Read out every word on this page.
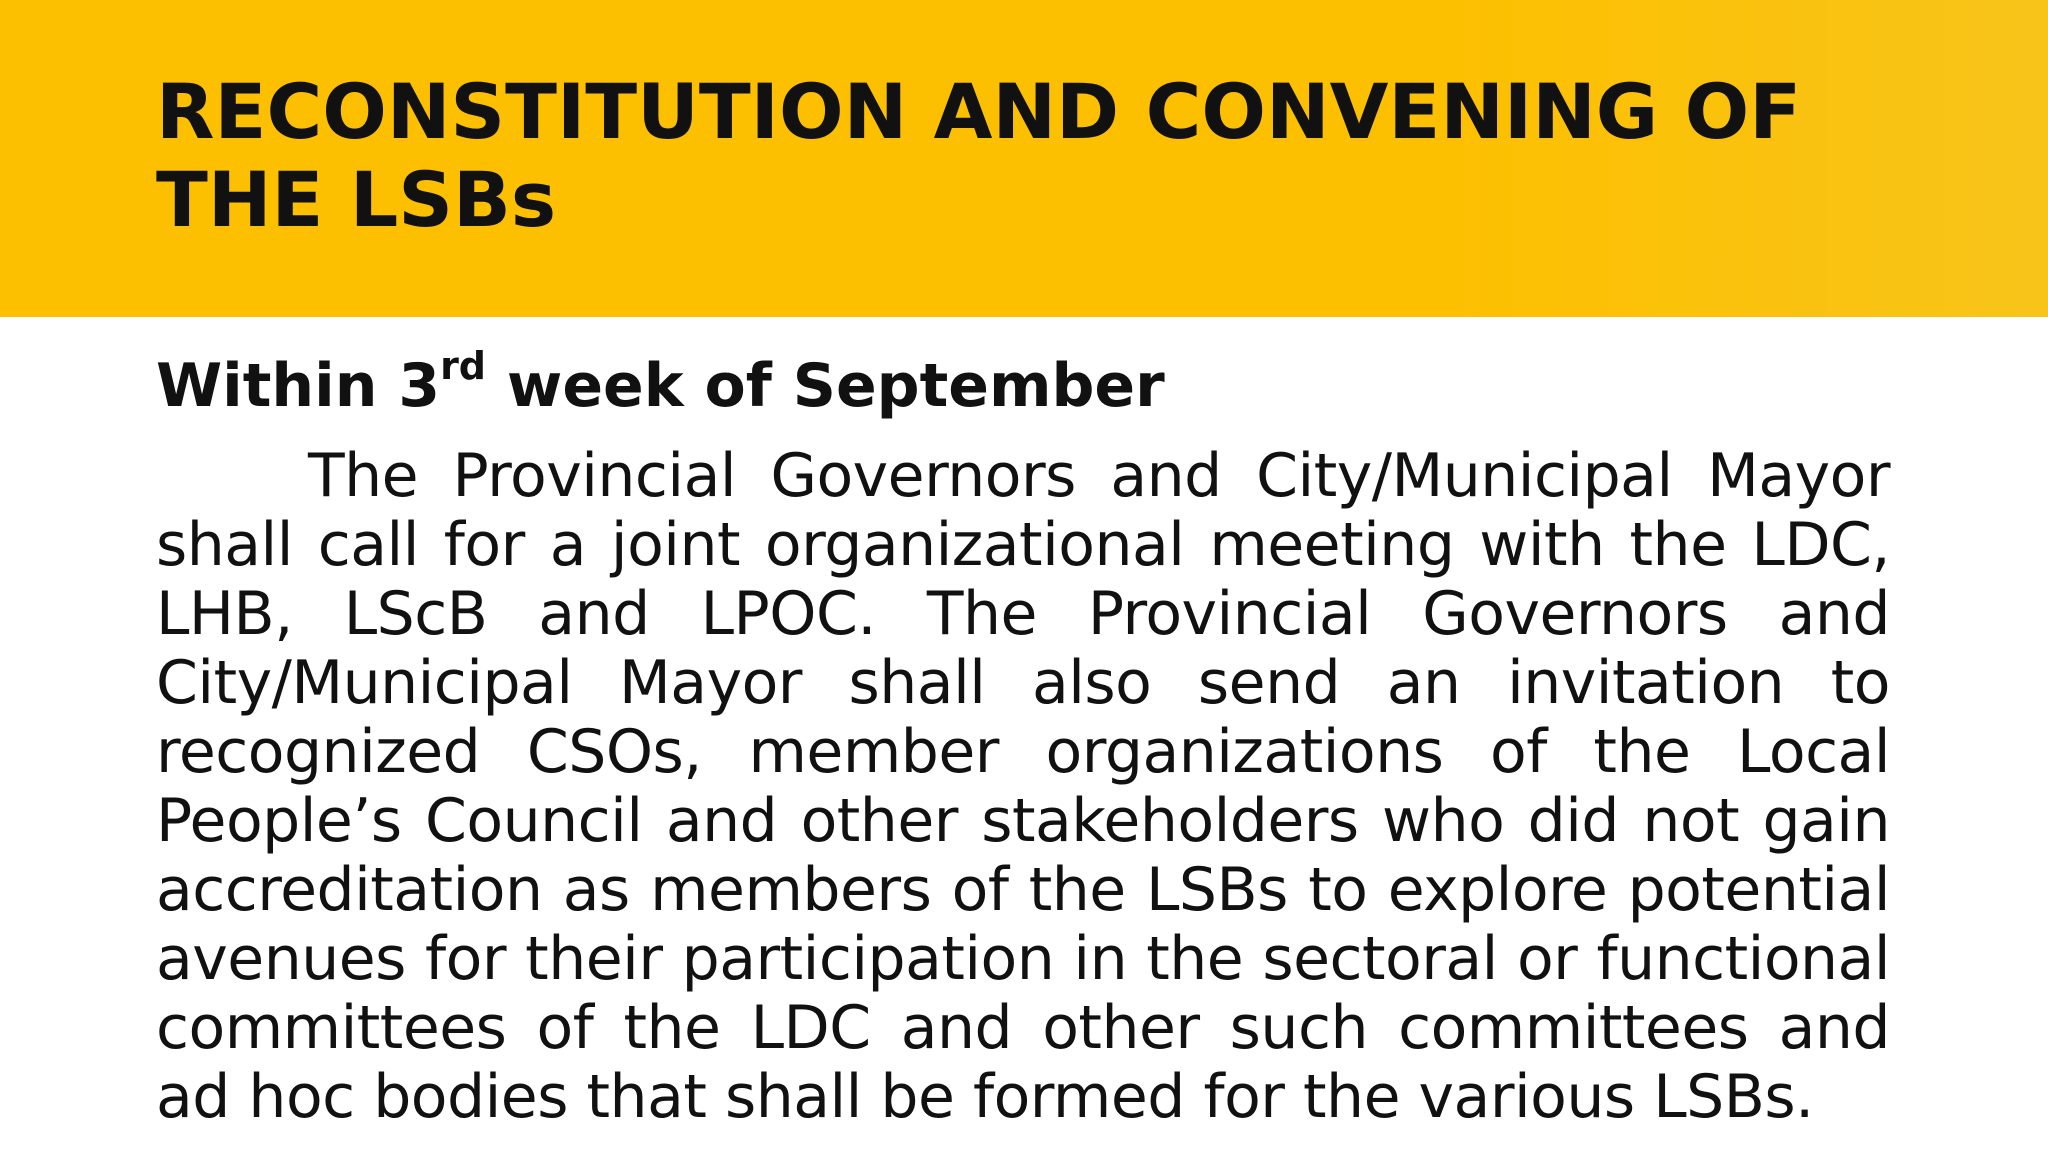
RECONSTITUTION AND CONVENING OF THE LSBs
Within 3rd week of September

The Provincial Governors and City/Municipal Mayor shall call for a joint organizational meeting with the LDC, LHB, LScB and LPOC. The Provincial Governors and City/Municipal Mayor shall also send an invitation to recognized CSOs, member organizations of the Local People’s Council and other stakeholders who did not gain accreditation as members of the LSBs to explore potential avenues for their participation in the sectoral or functional committees of the LDC and other such committees and ad hoc bodies that shall be formed for the various LSBs.
